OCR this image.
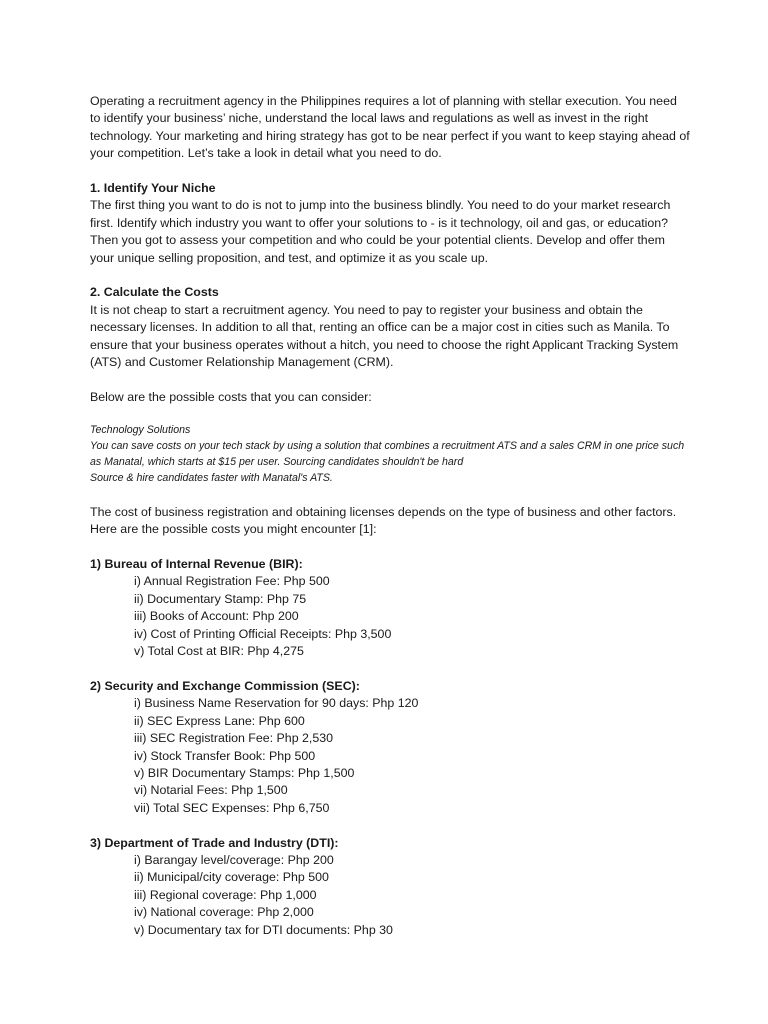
Operating a recruitment agency in the Philippines requires a lot of planning with stellar execution. You need to identify your business’ niche, understand the local laws and regulations as well as invest in the right technology. Your marketing and hiring strategy has got to be near perfect if you want to keep staying ahead of your competition. Let’s take a look in detail what you need to do.

1. Identify Your Niche

The first thing you want to do is not to jump into the business blindly. You need to do your market research first. Identify which industry you want to offer your solutions to - is it technology, oil and gas, or education? Then you got to assess your competition and who could be your potential clients. Develop and offer them your unique selling proposition, and test, and optimize it as you scale up.

2. Calculate the Costs

It is not cheap to start a recruitment agency. You need to pay to register your business and obtain the necessary licenses. In addition to all that, renting an office can be a major cost in cities such as Manila. To ensure that your business operates without a hitch, you need to choose the right Applicant Tracking System (ATS) and Customer Relationship Management (CRM).

Below are the possible costs that you can consider:

Technology Solutions

You can save costs on your tech stack by using a solution that combines a recruitment ATS and a sales CRM in one price such as Manatal, which starts at $15 per user. Sourcing candidates shouldn't be hard

Source & hire candidates faster with Manatal's ATS.

The cost of business registration and obtaining licenses depends on the type of business and other factors. Here are the possible costs you might encounter [1]:

1) Bureau of Internal Revenue (BIR):

i) Annual Registration Fee: Php 500
ii) Documentary Stamp: Php 75
iii) Books of Account: Php 200
iv) Cost of Printing Official Receipts: Php 3,500
v) Total Cost at BIR: Php 4,275

2) Security and Exchange Commission (SEC):

i) Business Name Reservation for 90 days: Php 120
ii) SEC Express Lane: Php 600
iii) SEC Registration Fee: Php 2,530
iv) Stock Transfer Book: Php 500
v) BIR Documentary Stamps: Php 1,500
vi) Notarial Fees: Php 1,500
vii) Total SEC Expenses: Php 6,750

3) Department of Trade and Industry (DTI):

i) Barangay level/coverage: Php 200
ii) Municipal/city coverage: Php 500
iii) Regional coverage: Php 1,000
iv) National coverage: Php 2,000
v) Documentary tax for DTI documents: Php 30
